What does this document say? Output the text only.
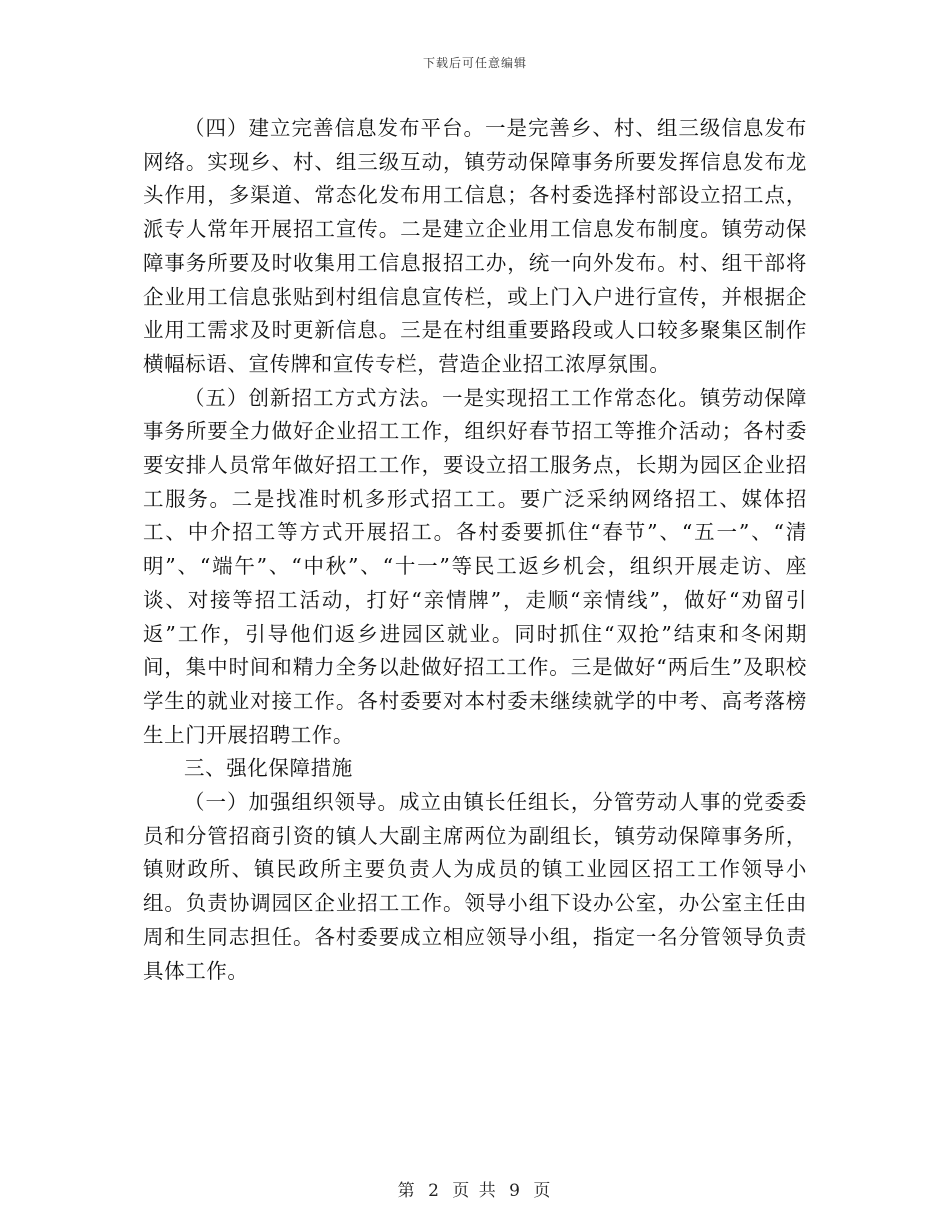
下载后可任意编辑

（四）建立完善信息发布平台。一是完善乡、村、组三级信息发布网络。实现乡、村、组三级互动，镇劳动保障事务所要发挥信息发布龙头作用，多渠道、常态化发布用工信息；各村委选择村部设立招工点，派专人常年开展招工宣传。二是建立企业用工信息发布制度。镇劳动保障事务所要及时收集用工信息报招工办，统一向外发布。村、组干部将企业用工信息张贴到村组信息宣传栏，或上门入户进行宣传，并根据企业用工需求及时更新信息。三是在村组重要路段或人口较多聚集区制作横幅标语、宣传牌和宣传专栏，营造企业招工浓厚氛围。

（五）创新招工方式方法。一是实现招工工作常态化。镇劳动保障事务所要全力做好企业招工工作，组织好春节招工等推介活动；各村委要安排人员常年做好招工工作，要设立招工服务点，长期为园区企业招工服务。二是找准时机多形式招工工。要广泛采纳网络招工、媒体招工、中介招工等方式开展招工。各村委要抓住“春节”、“五一”、“清明”、“端午”、“中秋”、“十一”等民工返乡机会，组织开展走访、座谈、对接等招工活动，打好“亲情牌”，走顺“亲情线”，做好“劝留引返”工作，引导他们返乡进园区就业。同时抓住“双抢”结束和冬闲期间，集中时间和精力全务以赴做好招工工作。三是做好“两后生”及职校学生的就业对接工作。各村委要对本村委未继续就学的中考、高考落榜生上门开展招聘工作。

三、强化保障措施

（一）加强组织领导。成立由镇长任组长，分管劳动人事的党委委员和分管招商引资的镇人大副主席两位为副组长，镇劳动保障事务所，镇财政所、镇民政所主要负责人为成员的镇工业园区招工工作领导小组。负责协调园区企业招工工作。领导小组下设办公室，办公室主任由周和生同志担任。各村委要成立相应领导小组，指定一名分管领导负责具体工作。

第 2 页 共 9 页
